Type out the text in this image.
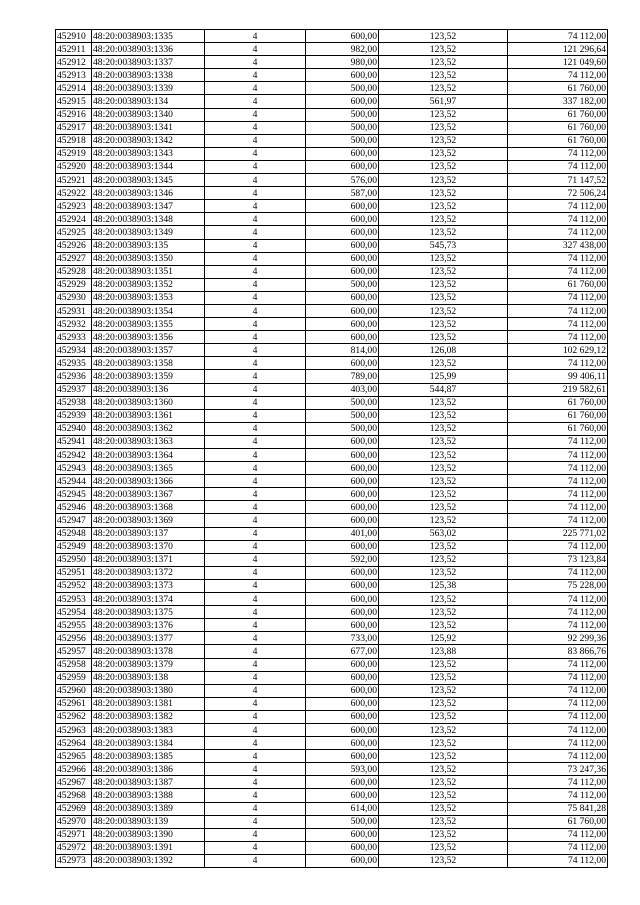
452910	48:20:0038903:1335	4	600,00	123,52	74 112,00
452911	48:20:0038903:1336	4	982,00	123,52	121 296,64
452912	48:20:0038903:1337	4	980,00	123,52	121 049,60
452913	48:20:0038903:1338	4	600,00	123,52	74 112,00
452914	48:20:0038903:1339	4	500,00	123,52	61 760,00
452915	48:20:0038903:134	4	600,00	561,97	337 182,00
452916	48:20:0038903:1340	4	500,00	123,52	61 760,00
452917	48:20:0038903:1341	4	500,00	123,52	61 760,00
452918	48:20:0038903:1342	4	500,00	123,52	61 760,00
452919	48:20:0038903:1343	4	600,00	123,52	74 112,00
452920	48:20:0038903:1344	4	600,00	123,52	74 112,00
452921	48:20:0038903:1345	4	576,00	123,52	71 147,52
452922	48:20:0038903:1346	4	587,00	123,52	72 506,24
452923	48:20:0038903:1347	4	600,00	123,52	74 112,00
452924	48:20:0038903:1348	4	600,00	123,52	74 112,00
452925	48:20:0038903:1349	4	600,00	123,52	74 112,00
452926	48:20:0038903:135	4	600,00	545,73	327 438,00
452927	48:20:0038903:1350	4	600,00	123,52	74 112,00
452928	48:20:0038903:1351	4	600,00	123,52	74 112,00
452929	48:20:0038903:1352	4	500,00	123,52	61 760,00
452930	48:20:0038903:1353	4	600,00	123,52	74 112,00
452931	48:20:0038903:1354	4	600,00	123,52	74 112,00
452932	48:20:0038903:1355	4	600,00	123,52	74 112,00
452933	48:20:0038903:1356	4	600,00	123,52	74 112,00
452934	48:20:0038903:1357	4	814,00	126,08	102 629,12
452935	48:20:0038903:1358	4	600,00	123,52	74 112,00
452936	48:20:0038903:1359	4	789,00	125,99	99 406,11
452937	48:20:0038903:136	4	403,00	544,87	219 582,61
452938	48:20:0038903:1360	4	500,00	123,52	61 760,00
452939	48:20:0038903:1361	4	500,00	123,52	61 760,00
452940	48:20:0038903:1362	4	500,00	123,52	61 760,00
452941	48:20:0038903:1363	4	600,00	123,52	74 112,00
452942	48:20:0038903:1364	4	600,00	123,52	74 112,00
452943	48:20:0038903:1365	4	600,00	123,52	74 112,00
452944	48:20:0038903:1366	4	600,00	123,52	74 112,00
452945	48:20:0038903:1367	4	600,00	123,52	74 112,00
452946	48:20:0038903:1368	4	600,00	123,52	74 112,00
452947	48:20:0038903:1369	4	600,00	123,52	74 112,00
452948	48:20:0038903:137	4	401,00	563,02	225 771,02
452949	48:20:0038903:1370	4	600,00	123,52	74 112,00
452950	48:20:0038903:1371	4	592,00	123,52	73 123,84
452951	48:20:0038903:1372	4	600,00	123,52	74 112,00
452952	48:20:0038903:1373	4	600,00	125,38	75 228,00
452953	48:20:0038903:1374	4	600,00	123,52	74 112,00
452954	48:20:0038903:1375	4	600,00	123,52	74 112,00
452955	48:20:0038903:1376	4	600,00	123,52	74 112,00
452956	48:20:0038903:1377	4	733,00	125,92	92 299,36
452957	48:20:0038903:1378	4	677,00	123,88	83 866,76
452958	48:20:0038903:1379	4	600,00	123,52	74 112,00
452959	48:20:0038903:138	4	600,00	123,52	74 112,00
452960	48:20:0038903:1380	4	600,00	123,52	74 112,00
452961	48:20:0038903:1381	4	600,00	123,52	74 112,00
452962	48:20:0038903:1382	4	600,00	123,52	74 112,00
452963	48:20:0038903:1383	4	600,00	123,52	74 112,00
452964	48:20:0038903:1384	4	600,00	123,52	74 112,00
452965	48:20:0038903:1385	4	600,00	123,52	74 112,00
452966	48:20:0038903:1386	4	593,00	123,52	73 247,36
452967	48:20:0038903:1387	4	600,00	123,52	74 112,00
452968	48:20:0038903:1388	4	600,00	123,52	74 112,00
452969	48:20:0038903:1389	4	614,00	123,52	75 841,28
452970	48:20:0038903:139	4	500,00	123,52	61 760,00
452971	48:20:0038903:1390	4	600,00	123,52	74 112,00
452972	48:20:0038903:1391	4	600,00	123,52	74 112,00
452973	48:20:0038903:1392	4	600,00	123,52	74 112,00
